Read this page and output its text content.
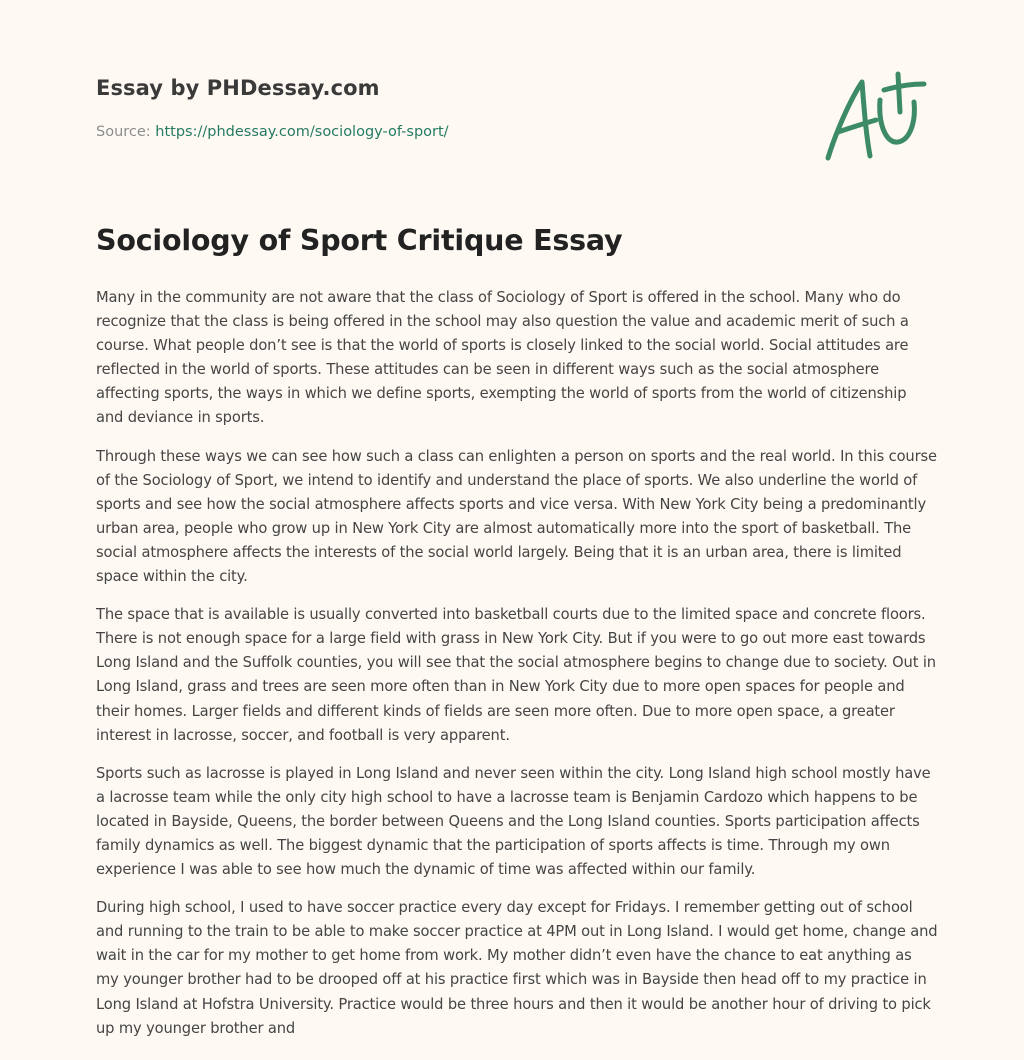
Essay by PHDessay.com
Source: https://phdessay.com/sociology-of-sport/
Sociology of Sport Critique Essay

Many in the community are not aware that the class of Sociology of Sport is offered in the school. Many who do recognize that the class is being offered in the school may also question the value and academic merit of such a course. What people don’t see is that the world of sports is closely linked to the social world. Social attitudes are reflected in the world of sports. These attitudes can be seen in different ways such as the social atmosphere affecting sports, the ways in which we define sports, exempting the world of sports from the world of citizenship and deviance in sports.

Through these ways we can see how such a class can enlighten a person on sports and the real world. In this course of the Sociology of Sport, we intend to identify and understand the place of sports. We also underline the world of sports and see how the social atmosphere affects sports and vice versa. With New York City being a predominantly urban area, people who grow up in New York City are almost automatically more into the sport of basketball. The social atmosphere affects the interests of the social world largely. Being that it is an urban area, there is limited space within the city.

The space that is available is usually converted into basketball courts due to the limited space and concrete floors. There is not enough space for a large field with grass in New York City. But if you were to go out more east towards Long Island and the Suffolk counties, you will see that the social atmosphere begins to change due to society. Out in Long Island, grass and trees are seen more often than in New York City due to more open spaces for people and their homes. Larger fields and different kinds of fields are seen more often. Due to more open space, a greater interest in lacrosse, soccer, and football is very apparent.

Sports such as lacrosse is played in Long Island and never seen within the city. Long Island high school mostly have a lacrosse team while the only city high school to have a lacrosse team is Benjamin Cardozo which happens to be located in Bayside, Queens, the border between Queens and the Long Island counties. Sports participation affects family dynamics as well. The biggest dynamic that the participation of sports affects is time. Through my own experience I was able to see how much the dynamic of time was affected within our family.

During high school, I used to have soccer practice every day except for Fridays. I remember getting out of school and running to the train to be able to make soccer practice at 4PM out in Long Island. I would get home, change and wait in the car for my mother to get home from work. My mother didn’t even have the chance to eat anything as my younger brother had to be drooped off at his practice first which was in Bayside then head off to my practice in Long Island at Hofstra University. Practice would be three hours and then it would be another hour of driving to pick up my younger brother and
